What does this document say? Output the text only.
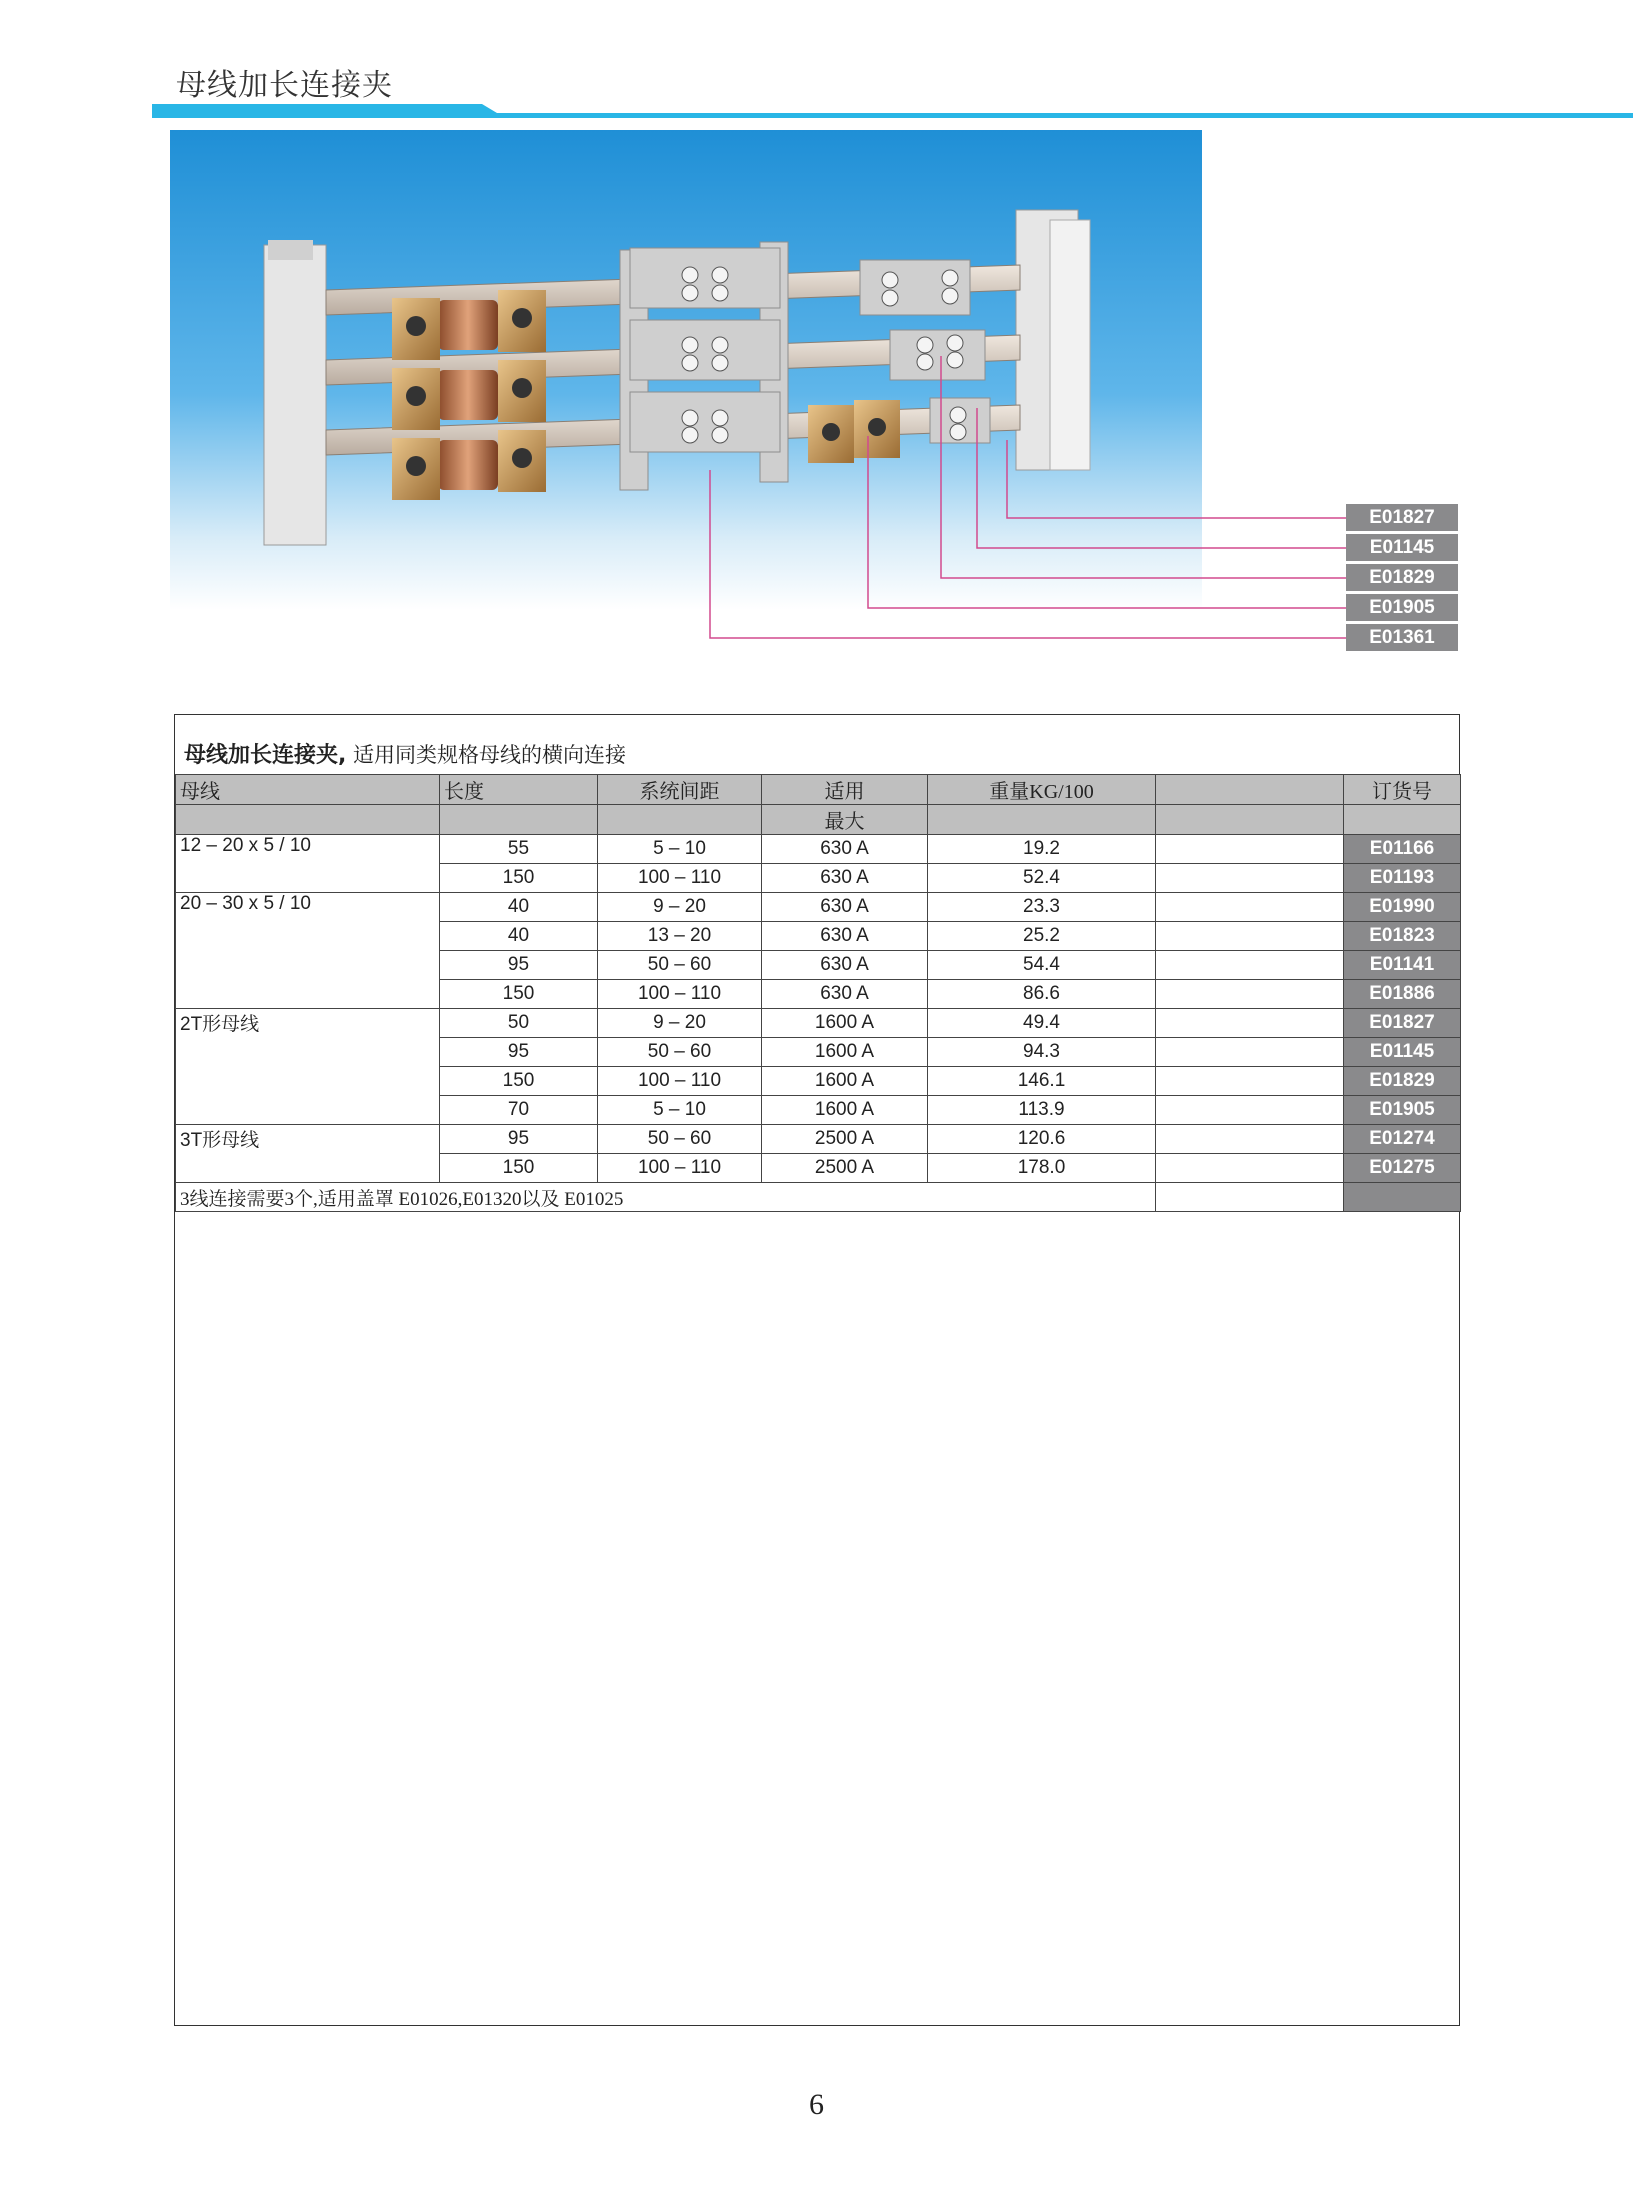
母线加长连接夹
E01827
E01145
E01829
E01905
E01361
母线加长连接夹, 适用同类规格母线的横向连接
母线	长度	系统间距	适用	重量KG/100		订货号
			最大			
12 – 20 x 5 / 10	55	5 – 10	630 A	19.2		E01166
	150	100 – 110	630 A	52.4		E01193
20 – 30 x 5 / 10	40	9 – 20	630 A	23.3		E01990
	40	13 – 20	630 A	25.2		E01823
	95	50 – 60	630 A	54.4		E01141
	150	100 – 110	630 A	86.6		E01886
2T形母线	50	9 – 20	1600 A	49.4		E01827
	95	50 – 60	1600 A	94.3		E01145
	150	100 – 110	1600 A	146.1		E01829
	70	5 – 10	1600 A	113.9		E01905
3T形母线	95	50 – 60	2500 A	120.6		E01274
	150	100 – 110	2500 A	178.0		E01275
3线连接需要3个,适用盖罩 E01026,E01320以及 E01025						
6
